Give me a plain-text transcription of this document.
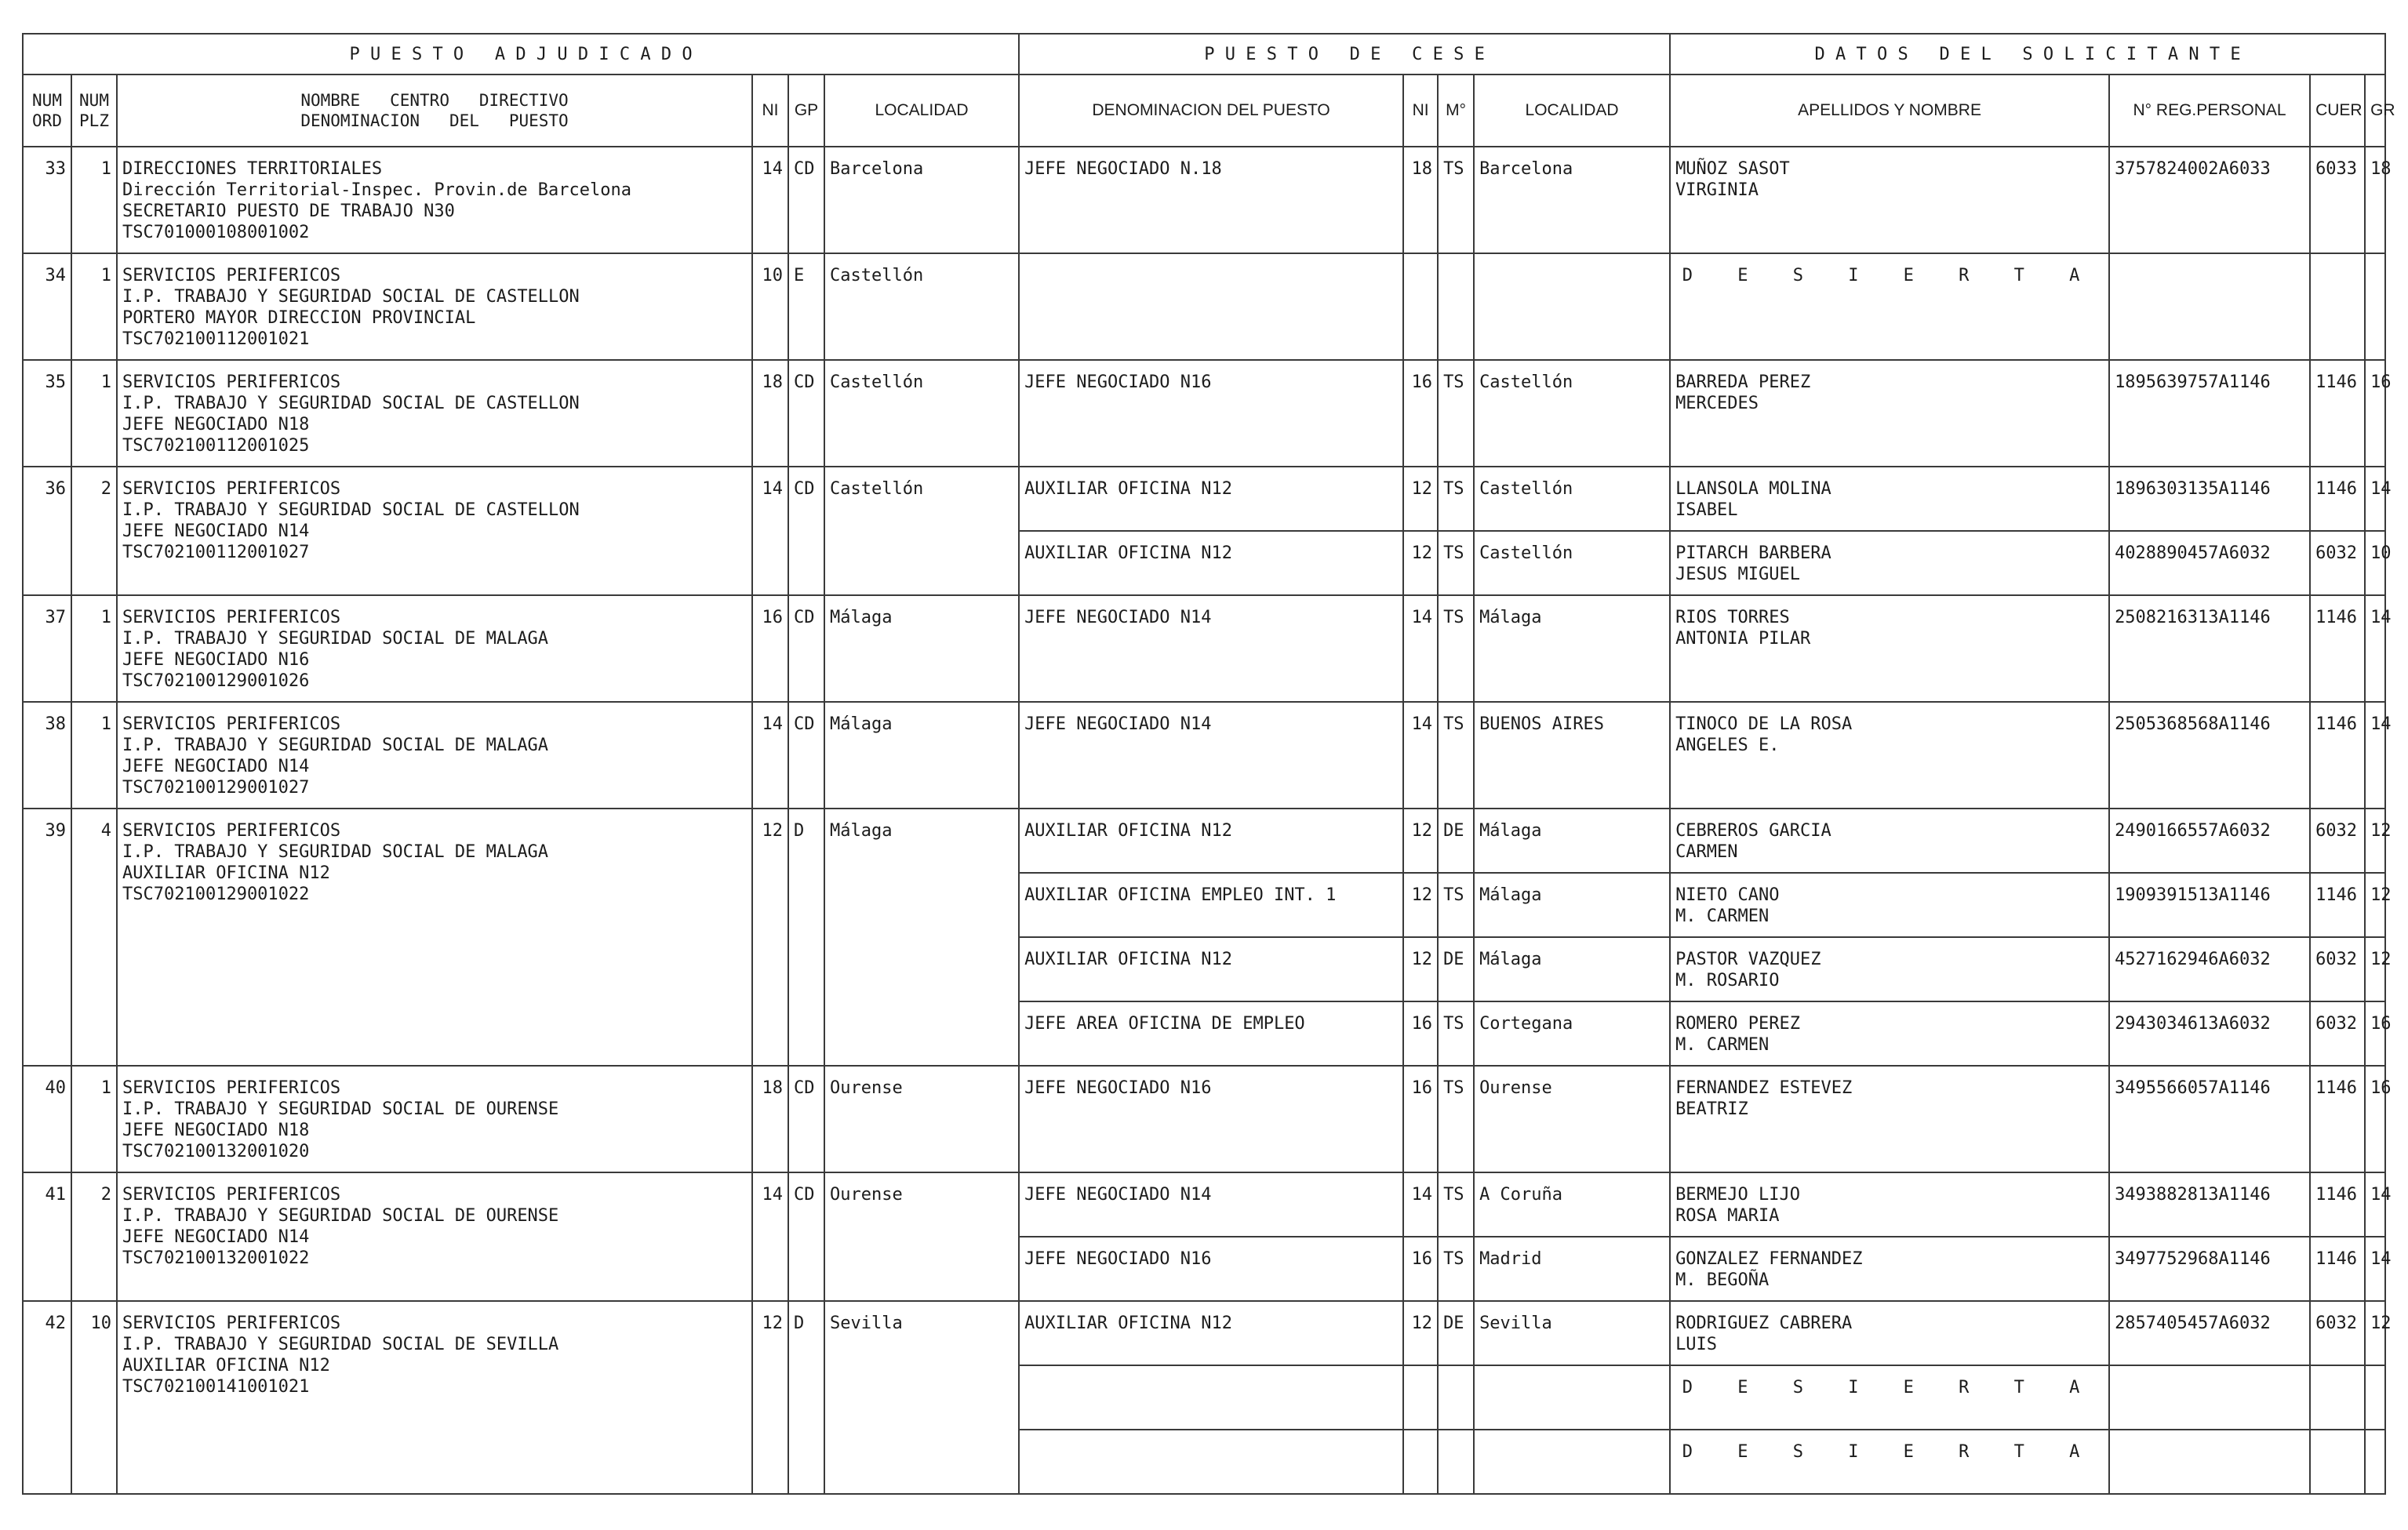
P U E S T O   A D J U D I C A D O						P U E S T O   D E   C E S E				D A T O S   D E L   S O L I C I T A N T E			
NUM
ORD	NUM
PLZ	NOMBRE   CENTRO   DIRECTIVO
DENOMINACION   DEL   PUESTO	NI	GP	LOCALIDAD	DENOMINACION DEL PUESTO	NI	M°	LOCALIDAD	APELLIDOS Y NOMBRE	N° REG.PERSONAL	CUER	GR
33	1	DIRECCIONES TERRITORIALES
Dirección Territorial-Inspec. Provin.de Barcelona
SECRETARIO PUESTO DE TRABAJO N30
TSC701000108001002	14	CD	Barcelona	JEFE NEGOCIADO N.18	18	TS	Barcelona	MUÑOZ SASOT
VIRGINIA	3757824002A6033	6033	18
34	1	SERVICIOS PERIFERICOS
I.P. TRABAJO Y SEGURIDAD SOCIAL DE CASTELLON
PORTERO MAYOR DIRECCION PROVINCIAL
TSC702100112001021	10	E	Castellón					D E S I E R T A			
35	1	SERVICIOS PERIFERICOS
I.P. TRABAJO Y SEGURIDAD SOCIAL DE CASTELLON
JEFE NEGOCIADO N18
TSC702100112001025	18	CD	Castellón	JEFE NEGOCIADO N16	16	TS	Castellón	BARREDA PEREZ
MERCEDES	1895639757A1146	1146	16
36	2	SERVICIOS PERIFERICOS
I.P. TRABAJO Y SEGURIDAD SOCIAL DE CASTELLON
JEFE NEGOCIADO N14
TSC702100112001027	14	CD	Castellón	AUXILIAR OFICINA N12	12	TS	Castellón	LLANSOLA MOLINA
ISABEL	1896303135A1146	1146	14
						AUXILIAR OFICINA N12	12	TS	Castellón	PITARCH BARBERA
JESUS MIGUEL	4028890457A6032	6032	10
37	1	SERVICIOS PERIFERICOS
I.P. TRABAJO Y SEGURIDAD SOCIAL DE MALAGA
JEFE NEGOCIADO N16
TSC702100129001026	16	CD	Málaga	JEFE NEGOCIADO N14	14	TS	Málaga	RIOS TORRES
ANTONIA PILAR	2508216313A1146	1146	14
38	1	SERVICIOS PERIFERICOS
I.P. TRABAJO Y SEGURIDAD SOCIAL DE MALAGA
JEFE NEGOCIADO N14
TSC702100129001027	14	CD	Málaga	JEFE NEGOCIADO N14	14	TS	BUENOS AIRES	TINOCO DE LA ROSA
ANGELES E.	2505368568A1146	1146	14
39	4	SERVICIOS PERIFERICOS
I.P. TRABAJO Y SEGURIDAD SOCIAL DE MALAGA
AUXILIAR OFICINA N12
TSC702100129001022	12	D	Málaga	AUXILIAR OFICINA N12	12	DE	Málaga	CEBREROS GARCIA
CARMEN	2490166557A6032	6032	12
						AUXILIAR OFICINA EMPLEO INT. 1	12	TS	Málaga	NIETO CANO
M. CARMEN	1909391513A1146	1146	12
						AUXILIAR OFICINA N12	12	DE	Málaga	PASTOR VAZQUEZ
M. ROSARIO	4527162946A6032	6032	12
						JEFE AREA OFICINA DE EMPLEO	16	TS	Cortegana	ROMERO PEREZ
M. CARMEN	2943034613A6032	6032	16
40	1	SERVICIOS PERIFERICOS
I.P. TRABAJO Y SEGURIDAD SOCIAL DE OURENSE
JEFE NEGOCIADO N18
TSC702100132001020	18	CD	Ourense	JEFE NEGOCIADO N16	16	TS	Ourense	FERNANDEZ ESTEVEZ
BEATRIZ	3495566057A1146	1146	16
41	2	SERVICIOS PERIFERICOS
I.P. TRABAJO Y SEGURIDAD SOCIAL DE OURENSE
JEFE NEGOCIADO N14
TSC702100132001022	14	CD	Ourense	JEFE NEGOCIADO N14	14	TS	A Coruña	BERMEJO LIJO
ROSA MARIA	3493882813A1146	1146	14
						JEFE NEGOCIADO N16	16	TS	Madrid	GONZALEZ FERNANDEZ
M. BEGOÑA	3497752968A1146	1146	14
42	10	SERVICIOS PERIFERICOS
I.P. TRABAJO Y SEGURIDAD SOCIAL DE SEVILLA
AUXILIAR OFICINA N12
TSC702100141001021	12	D	Sevilla	AUXILIAR OFICINA N12	12	DE	Sevilla	RODRIGUEZ CABRERA
LUIS	2857405457A6032	6032	12
										D E S I E R T A			
										D E S I E R T A			
